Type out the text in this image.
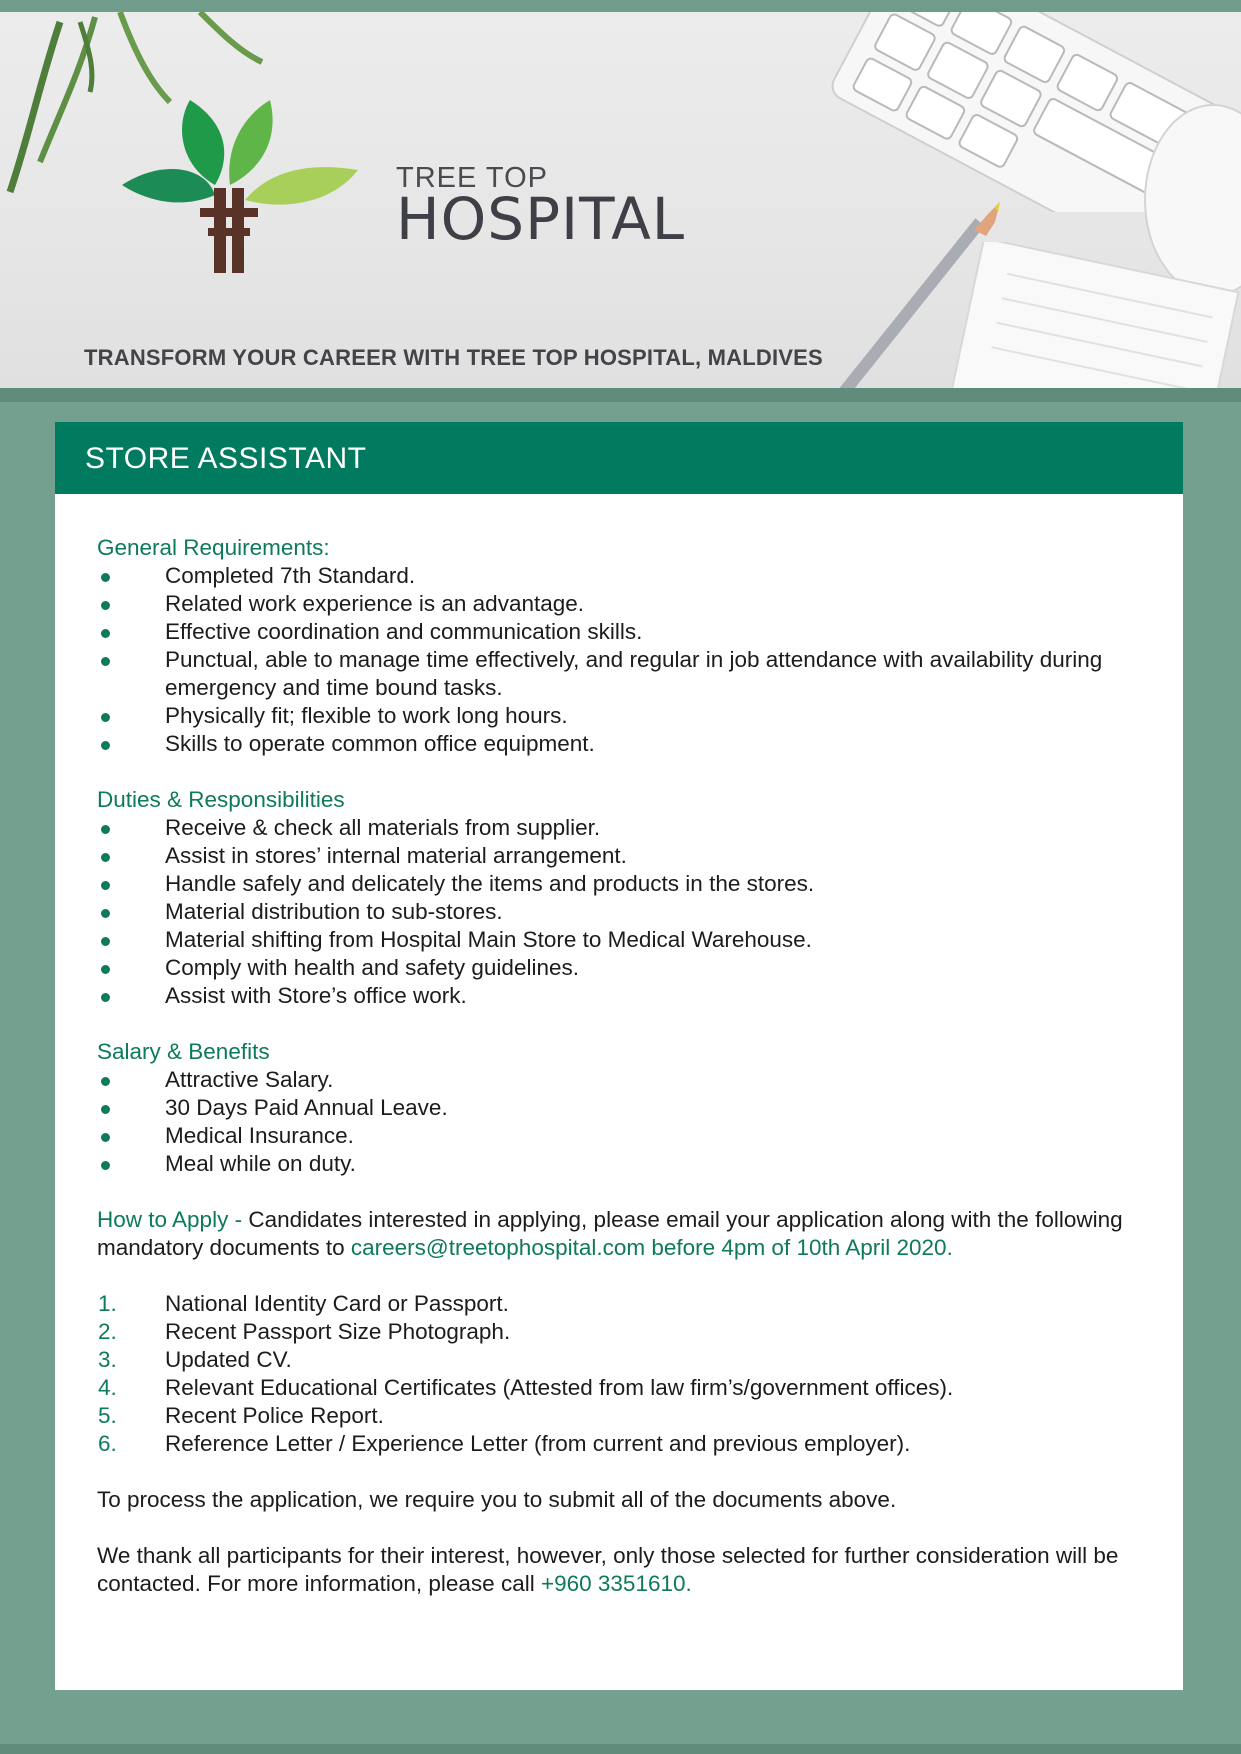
TREE TOP
HOSPITAL
TRANSFORM YOUR CAREER WITH TREE TOP HOSPITAL, MALDIVES
STORE ASSISTANT
General Requirements:
Completed 7th Standard.
Related work experience is an advantage.
Effective coordination and communication skills.
Punctual, able to manage time effectively, and regular in job attendance with availability during emergency and time bound tasks.
Physically fit; flexible to work long hours.
Skills to operate common office equipment.
Duties & Responsibilities
Receive & check all materials from supplier.
Assist in stores’ internal material arrangement.
Handle safely and delicately the items and products in the stores.
Material distribution to sub-stores.
Material shifting from Hospital Main Store to Medical Warehouse.
Comply with health and safety guidelines.
Assist with Store’s office work.
Salary & Benefits
Attractive Salary.
30 Days Paid Annual Leave.
Medical Insurance.
Meal while on duty.
How to Apply - Candidates interested in applying, please email your application along with the following mandatory documents to careers@treetophospital.com before 4pm of 10th April 2020.
1. National Identity Card or Passport.
2. Recent Passport Size Photograph.
3. Updated CV.
4. Relevant Educational Certificates (Attested from law firm’s/government offices).
5. Recent Police Report.
6. Reference Letter / Experience Letter (from current and previous employer).
To process the application, we require you to submit all of the documents above.
We thank all participants for their interest, however, only those selected for further consideration will be contacted. For more information, please call +960 3351610.
